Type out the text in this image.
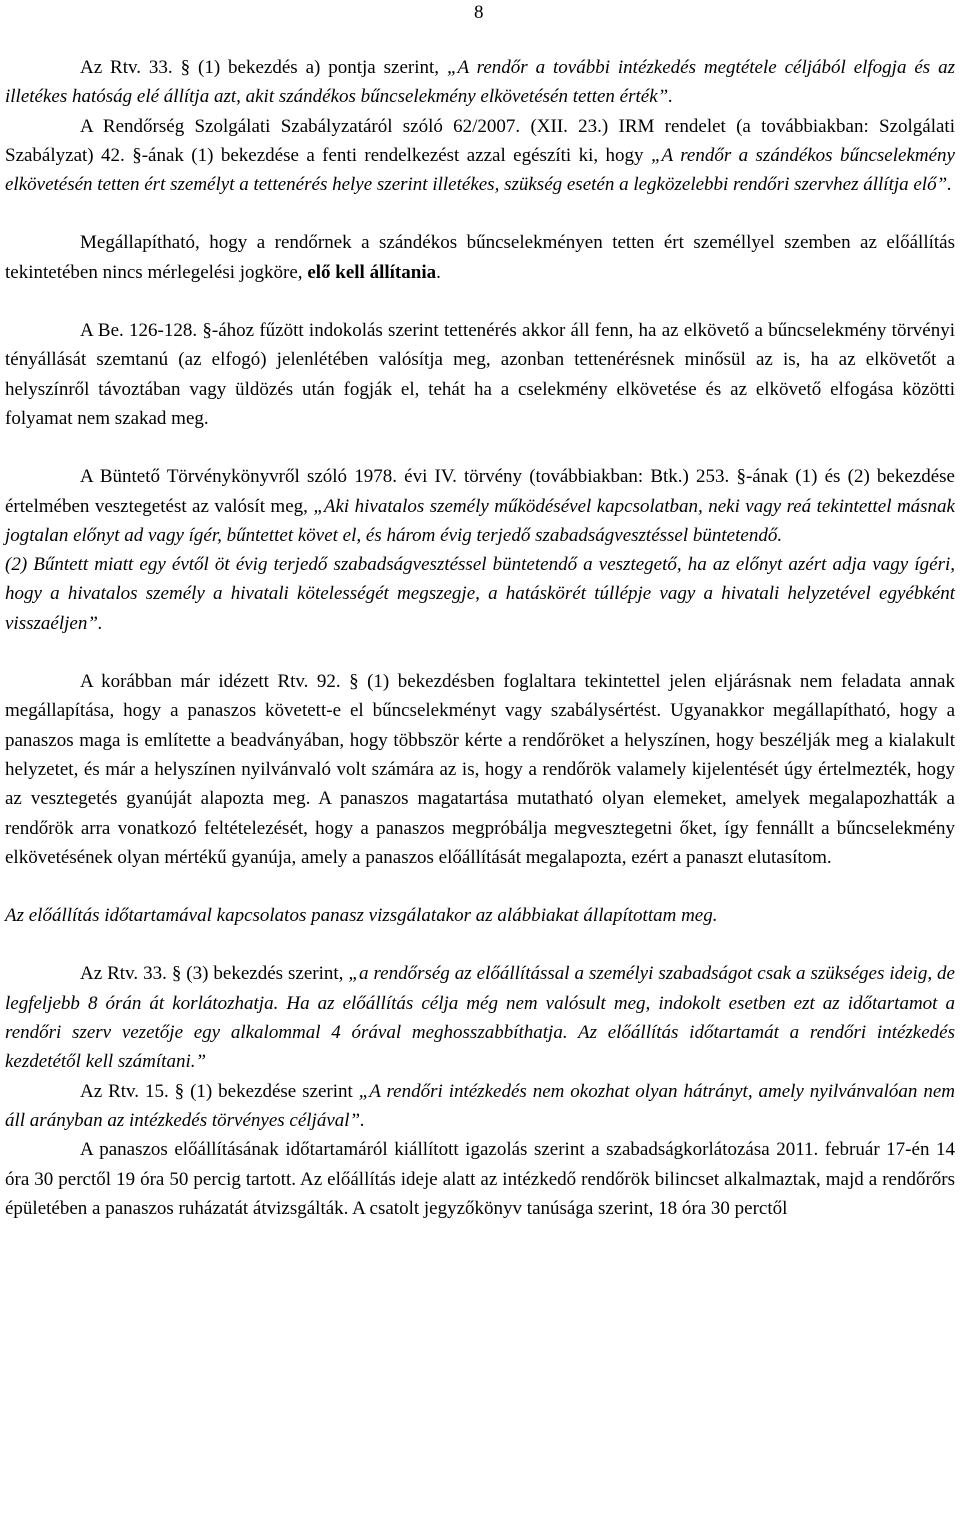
8

Az Rtv. 33. § (1) bekezdés a) pontja szerint, „A rendőr a további intézkedés megtétele céljából elfogja és az illetékes hatóság elé állítja azt, akit szándékos bűncselekmény elkövetésén tetten érték”.

A Rendőrség Szolgálati Szabályzatáról szóló 62/2007. (XII. 23.) IRM rendelet (a továbbiakban: Szolgálati Szabályzat) 42. §-ának (1) bekezdése a fenti rendelkezést azzal egészíti ki, hogy „A rendőr a szándékos bűncselekmény elkövetésén tetten ért személyt a tettenérés helye szerint illetékes, szükség esetén a legközelebbi rendőri szervhez állítja elő”.

Megállapítható, hogy a rendőrnek a szándékos bűncselekményen tetten ért személlyel szemben az előállítás tekintetében nincs mérlegelési jogköre, elő kell állítania.

A Be. 126-128. §-ához fűzött indokolás szerint tettenérés akkor áll fenn, ha az elkövető a bűncselekmény törvényi tényállását szemtanú (az elfogó) jelenlétében valósítja meg, azonban tettenérésnek minősül az is, ha az elkövetőt a helyszínről távoztában vagy üldözés után fogják el, tehát ha a cselekmény elkövetése és az elkövető elfogása közötti folyamat nem szakad meg.

A Büntető Törvénykönyvről szóló 1978. évi IV. törvény (továbbiakban: Btk.) 253. §-ának (1) és (2) bekezdése értelmében vesztegetést az valósít meg, „Aki hivatalos személy működésével kapcsolatban, neki vagy reá tekintettel másnak jogtalan előnyt ad vagy ígér, bűntettet követ el, és három évig terjedő szabadságvesztéssel büntetendő.

(2) Bűntett miatt egy évtől öt évig terjedő szabadságvesztéssel büntetendő a vesztegető, ha az előnyt azért adja vagy ígéri, hogy a hivatalos személy a hivatali kötelességét megszegje, a hatáskörét túllépje vagy a hivatali helyzetével egyébként visszaéljen”.

A korábban már idézett Rtv. 92. § (1) bekezdésben foglaltara tekintettel jelen eljárásnak nem feladata annak megállapítása, hogy a panaszos követett-e el bűncselekményt vagy szabálysértést. Ugyanakkor megállapítható, hogy a panaszos maga is említette a beadványában, hogy többször kérte a rendőröket a helyszínen, hogy beszélják meg a kialakult helyzetet, és már a helyszínen nyilvánvaló volt számára az is, hogy a rendőrök valamely kijelentését úgy értelmezték, hogy az vesztegetés gyanúját alapozta meg. A panaszos magatartása mutatható olyan elemeket, amelyek megalapozhatták a rendőrök arra vonatkozó feltételezését, hogy a panaszos megpróbálja megvesztegetni őket, így fennállt a bűncselekmény elkövetésének olyan mértékű gyanúja, amely a panaszos előállítását megalapozta, ezért a panaszt elutasítom.

Az előállítás időtartamával kapcsolatos panasz vizsgálatakor az alábbiakat állapítottam meg.

Az Rtv. 33. § (3) bekezdés szerint, „a rendőrség az előállítással a személyi szabadságot csak a szükséges ideig, de legfeljebb 8 órán át korlátozhatja. Ha az előállítás célja még nem valósult meg, indokolt esetben ezt az időtartamot a rendőri szerv vezetője egy alkalommal 4 órával meghosszabbíthatja. Az előállítás időtartamát a rendőri intézkedés kezdetétől kell számítani.”

Az Rtv. 15. § (1) bekezdése szerint „A rendőri intézkedés nem okozhat olyan hátrányt, amely nyilvánvalóan nem áll arányban az intézkedés törvényes céljával”.

A panaszos előállításának időtartamáról kiállított igazolás szerint a szabadságkorlátozása 2011. február 17-én 14 óra 30 perctől 19 óra 50 percig tartott. Az előállítás ideje alatt az intézkedő rendőrök bilincset alkalmaztak, majd a rendőrőrs épületében a panaszos ruházatát átvizsgálták. A csatolt jegyzőkönyv tanúsága szerint, 18 óra 30 perctől
